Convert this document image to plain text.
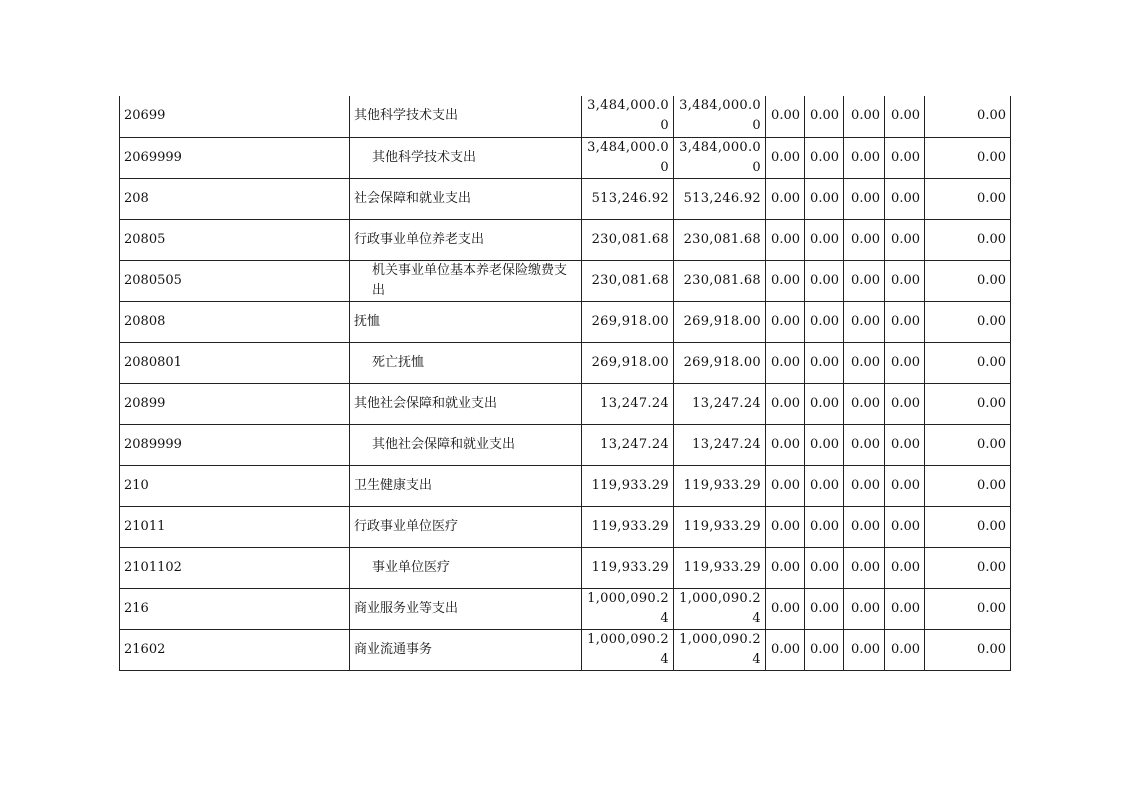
20699	其他科学技术支出	3,484,000.00	3,484,000.00	0.00	0.00	0.00	0.00	0.00
2069999	其他科学技术支出	3,484,000.00	3,484,000.00	0.00	0.00	0.00	0.00	0.00
208	社会保障和就业支出	513,246.92	513,246.92	0.00	0.00	0.00	0.00	0.00
20805	行政事业单位养老支出	230,081.68	230,081.68	0.00	0.00	0.00	0.00	0.00
2080505	机关事业单位基本养老保险缴费支出	230,081.68	230,081.68	0.00	0.00	0.00	0.00	0.00
20808	抚恤	269,918.00	269,918.00	0.00	0.00	0.00	0.00	0.00
2080801	死亡抚恤	269,918.00	269,918.00	0.00	0.00	0.00	0.00	0.00
20899	其他社会保障和就业支出	13,247.24	13,247.24	0.00	0.00	0.00	0.00	0.00
2089999	其他社会保障和就业支出	13,247.24	13,247.24	0.00	0.00	0.00	0.00	0.00
210	卫生健康支出	119,933.29	119,933.29	0.00	0.00	0.00	0.00	0.00
21011	行政事业单位医疗	119,933.29	119,933.29	0.00	0.00	0.00	0.00	0.00
2101102	事业单位医疗	119,933.29	119,933.29	0.00	0.00	0.00	0.00	0.00
216	商业服务业等支出	1,000,090.24	1,000,090.24	0.00	0.00	0.00	0.00	0.00
21602	商业流通事务	1,000,090.24	1,000,090.24	0.00	0.00	0.00	0.00	0.00
